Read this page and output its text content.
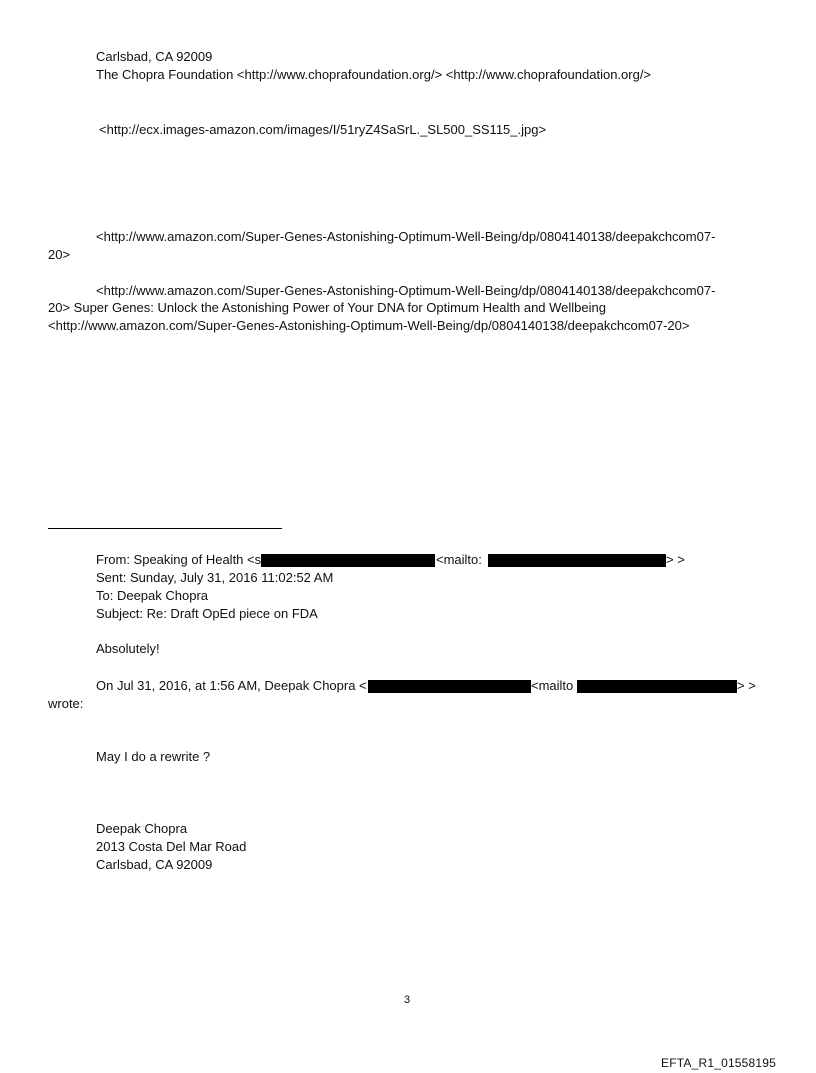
Carlsbad, CA 92009
The Chopra Foundation <http://www.choprafoundation.org/> <http://www.choprafoundation.org/>
<http://ecx.images-amazon.com/images/I/51ryZ4SaSrL._SL500_SS115_.jpg>
<http://www.amazon.com/Super-Genes-Astonishing-Optimum-Well-Being/dp/0804140138/deepakchcom07-
20>
<http://www.amazon.com/Super-Genes-Astonishing-Optimum-Well-Being/dp/0804140138/deepakchcom07-
20> Super Genes: Unlock the Astonishing Power of Your DNA for Optimum Health and Wellbeing
<http://www.amazon.com/Super-Genes-Astonishing-Optimum-Well-Being/dp/0804140138/deepakchcom07-20>
From: Speaking of Health <s	<mailto:	> >
Sent: Sunday, July 31, 2016 11:02:52 AM
To: Deepak Chopra
Subject: Re: Draft OpEd piece on FDA
Absolutely!
On Jul 31, 2016, at 1:56 AM, Deepak Chopra <	<mailto	> >
wrote:
May I do a rewrite ?
Deepak Chopra
2013 Costa Del Mar Road
Carlsbad, CA 92009
3
EFTA_R1_01558195
